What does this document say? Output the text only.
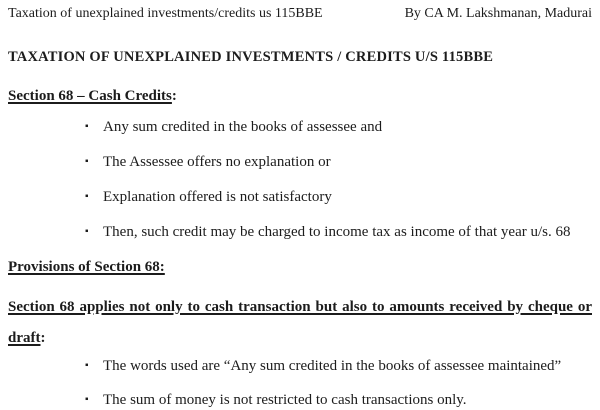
Taxation of unexplained investments/credits us 115BBE	By CA M. Lakshmanan, Madurai
TAXATION OF UNEXPLAINED INVESTMENTS / CREDITS U/S 115BBE
Section 68 – Cash Credits:
▪ Any sum credited in the books of assessee and
▪ The Assessee offers no explanation or
▪ Explanation offered is not satisfactory
▪ Then, such credit may be charged to income tax as income of that year u/s. 68
Provisions of Section 68:
Section 68 applies not only to cash transaction but also to amounts received by cheque or
draft:
▪ The words used are “Any sum credited in the books of assessee maintained”
▪ The sum of money is not restricted to cash transactions only.
